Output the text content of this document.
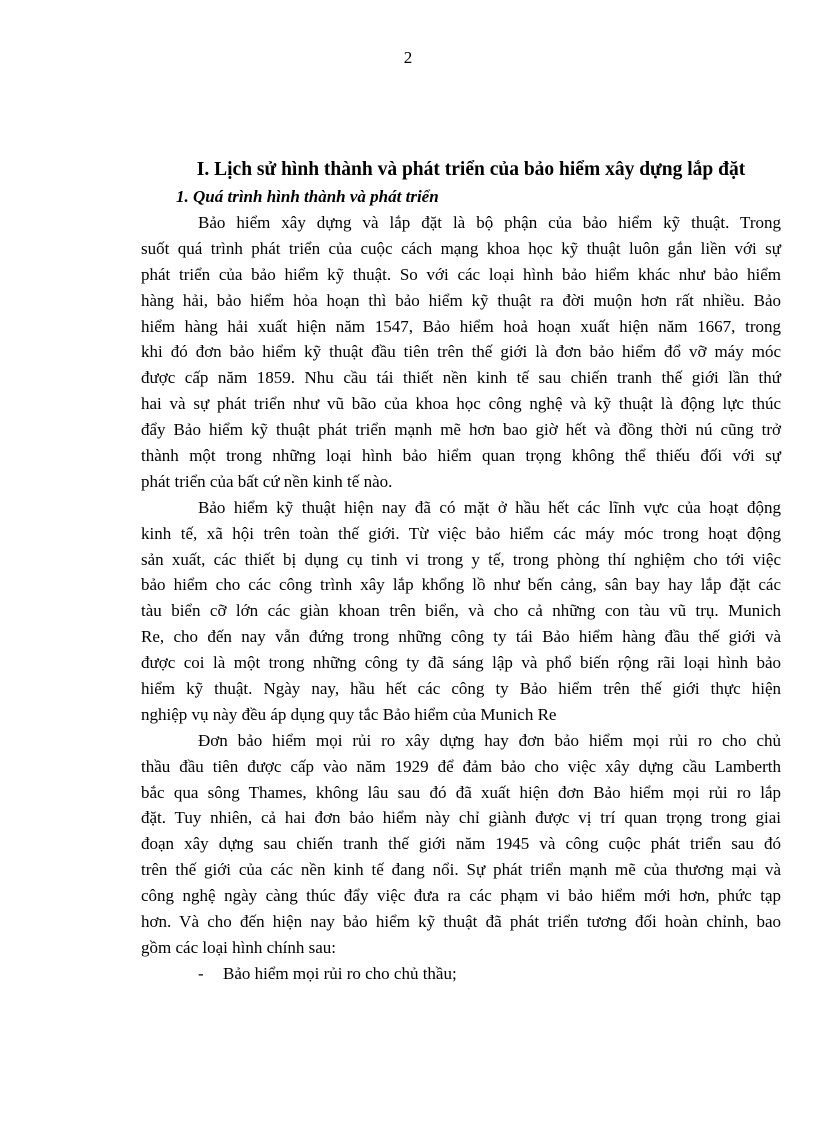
2
I. Lịch sử hình thành và phát triển của bảo hiểm xây dựng lắp đặt
1. Quá trình hình thành và phát triển
Bảo hiểm xây dựng và lắp đặt là bộ phận của bảo hiểm kỹ thuật. Trong
suốt quá trình phát triển của cuộc cách mạng khoa học kỹ thuật luôn gắn liền với sự
phát triển của bảo hiểm kỹ thuật. So với các loại hình bảo hiểm khác như bảo hiểm
hàng hải, bảo hiểm hỏa hoạn thì bảo hiểm kỹ thuật ra đời muộn hơn rất nhiều. Bảo
hiểm hàng hải xuất hiện năm 1547, Bảo hiểm hoả hoạn xuất hiện năm 1667, trong
khi đó đơn bảo hiểm kỹ thuật đầu tiên trên thế giới là đơn bảo hiểm đổ vỡ máy móc
được cấp năm 1859. Nhu cầu tái thiết nền kinh tế sau chiến tranh thế giới lần thứ
hai và sự phát triển như vũ bão của khoa học công nghệ và kỹ thuật là động lực thúc
đẩy Bảo hiểm kỹ thuật phát triển mạnh mẽ hơn bao giờ hết và đồng thời nú cũng trở
thành một trong những loại hình bảo hiểm quan trọng không thể thiếu đối với sự
phát triển của bất cứ nền kinh tế nào.
Bảo hiểm kỹ thuật hiện nay đã có mặt ở hầu hết các lĩnh vực của hoạt động
kinh tế, xã hội trên toàn thế giới. Từ việc bảo hiểm các máy móc trong hoạt động
sản xuất, các thiết bị dụng cụ tinh vi trong y tế, trong phòng thí nghiệm cho tới việc
bảo hiểm cho các công trình xây lắp khổng lồ như bến cảng, sân bay hay lắp đặt các
tàu biển cỡ lớn các giàn khoan trên biển, và cho cả những con tàu vũ trụ. Munich
Re, cho đến nay vẫn đứng trong những công ty tái Bảo hiểm hàng đầu thế giới và
được coi là một trong những công ty đã sáng lập và phổ biến rộng rãi loại hình bảo
hiểm kỹ thuật. Ngày nay, hầu hết các công ty Bảo hiểm trên thế giới thực hiện
nghiệp vụ này đều áp dụng quy tắc Bảo hiểm của Munich Re
Đơn bảo hiểm mọi rủi ro xây dựng hay đơn bảo hiểm mọi rủi ro cho chủ
thầu đầu tiên được cấp vào năm 1929 để đảm bảo cho việc xây dựng cầu Lamberth
bắc qua sông Thames, không lâu sau đó đã xuất hiện đơn Bảo hiểm mọi rủi ro lắp
đặt. Tuy nhiên, cả hai đơn bảo hiểm này chỉ giành được vị trí quan trọng trong giai
đoạn xây dựng sau chiến tranh thế giới năm 1945 và công cuộc phát triển sau đó
trên thế giới của các nền kinh tế đang nổi. Sự phát triển mạnh mẽ của thương mại và
công nghệ ngày càng thúc đẩy việc đưa ra các phạm vi bảo hiểm mới hơn, phức tạp
hơn. Và cho đến hiện nay bảo hiểm kỹ thuật đã phát triển tương đối hoàn chỉnh, bao
gồm các loại hình chính sau:
-	Bảo hiểm mọi rủi ro cho chủ thầu;
